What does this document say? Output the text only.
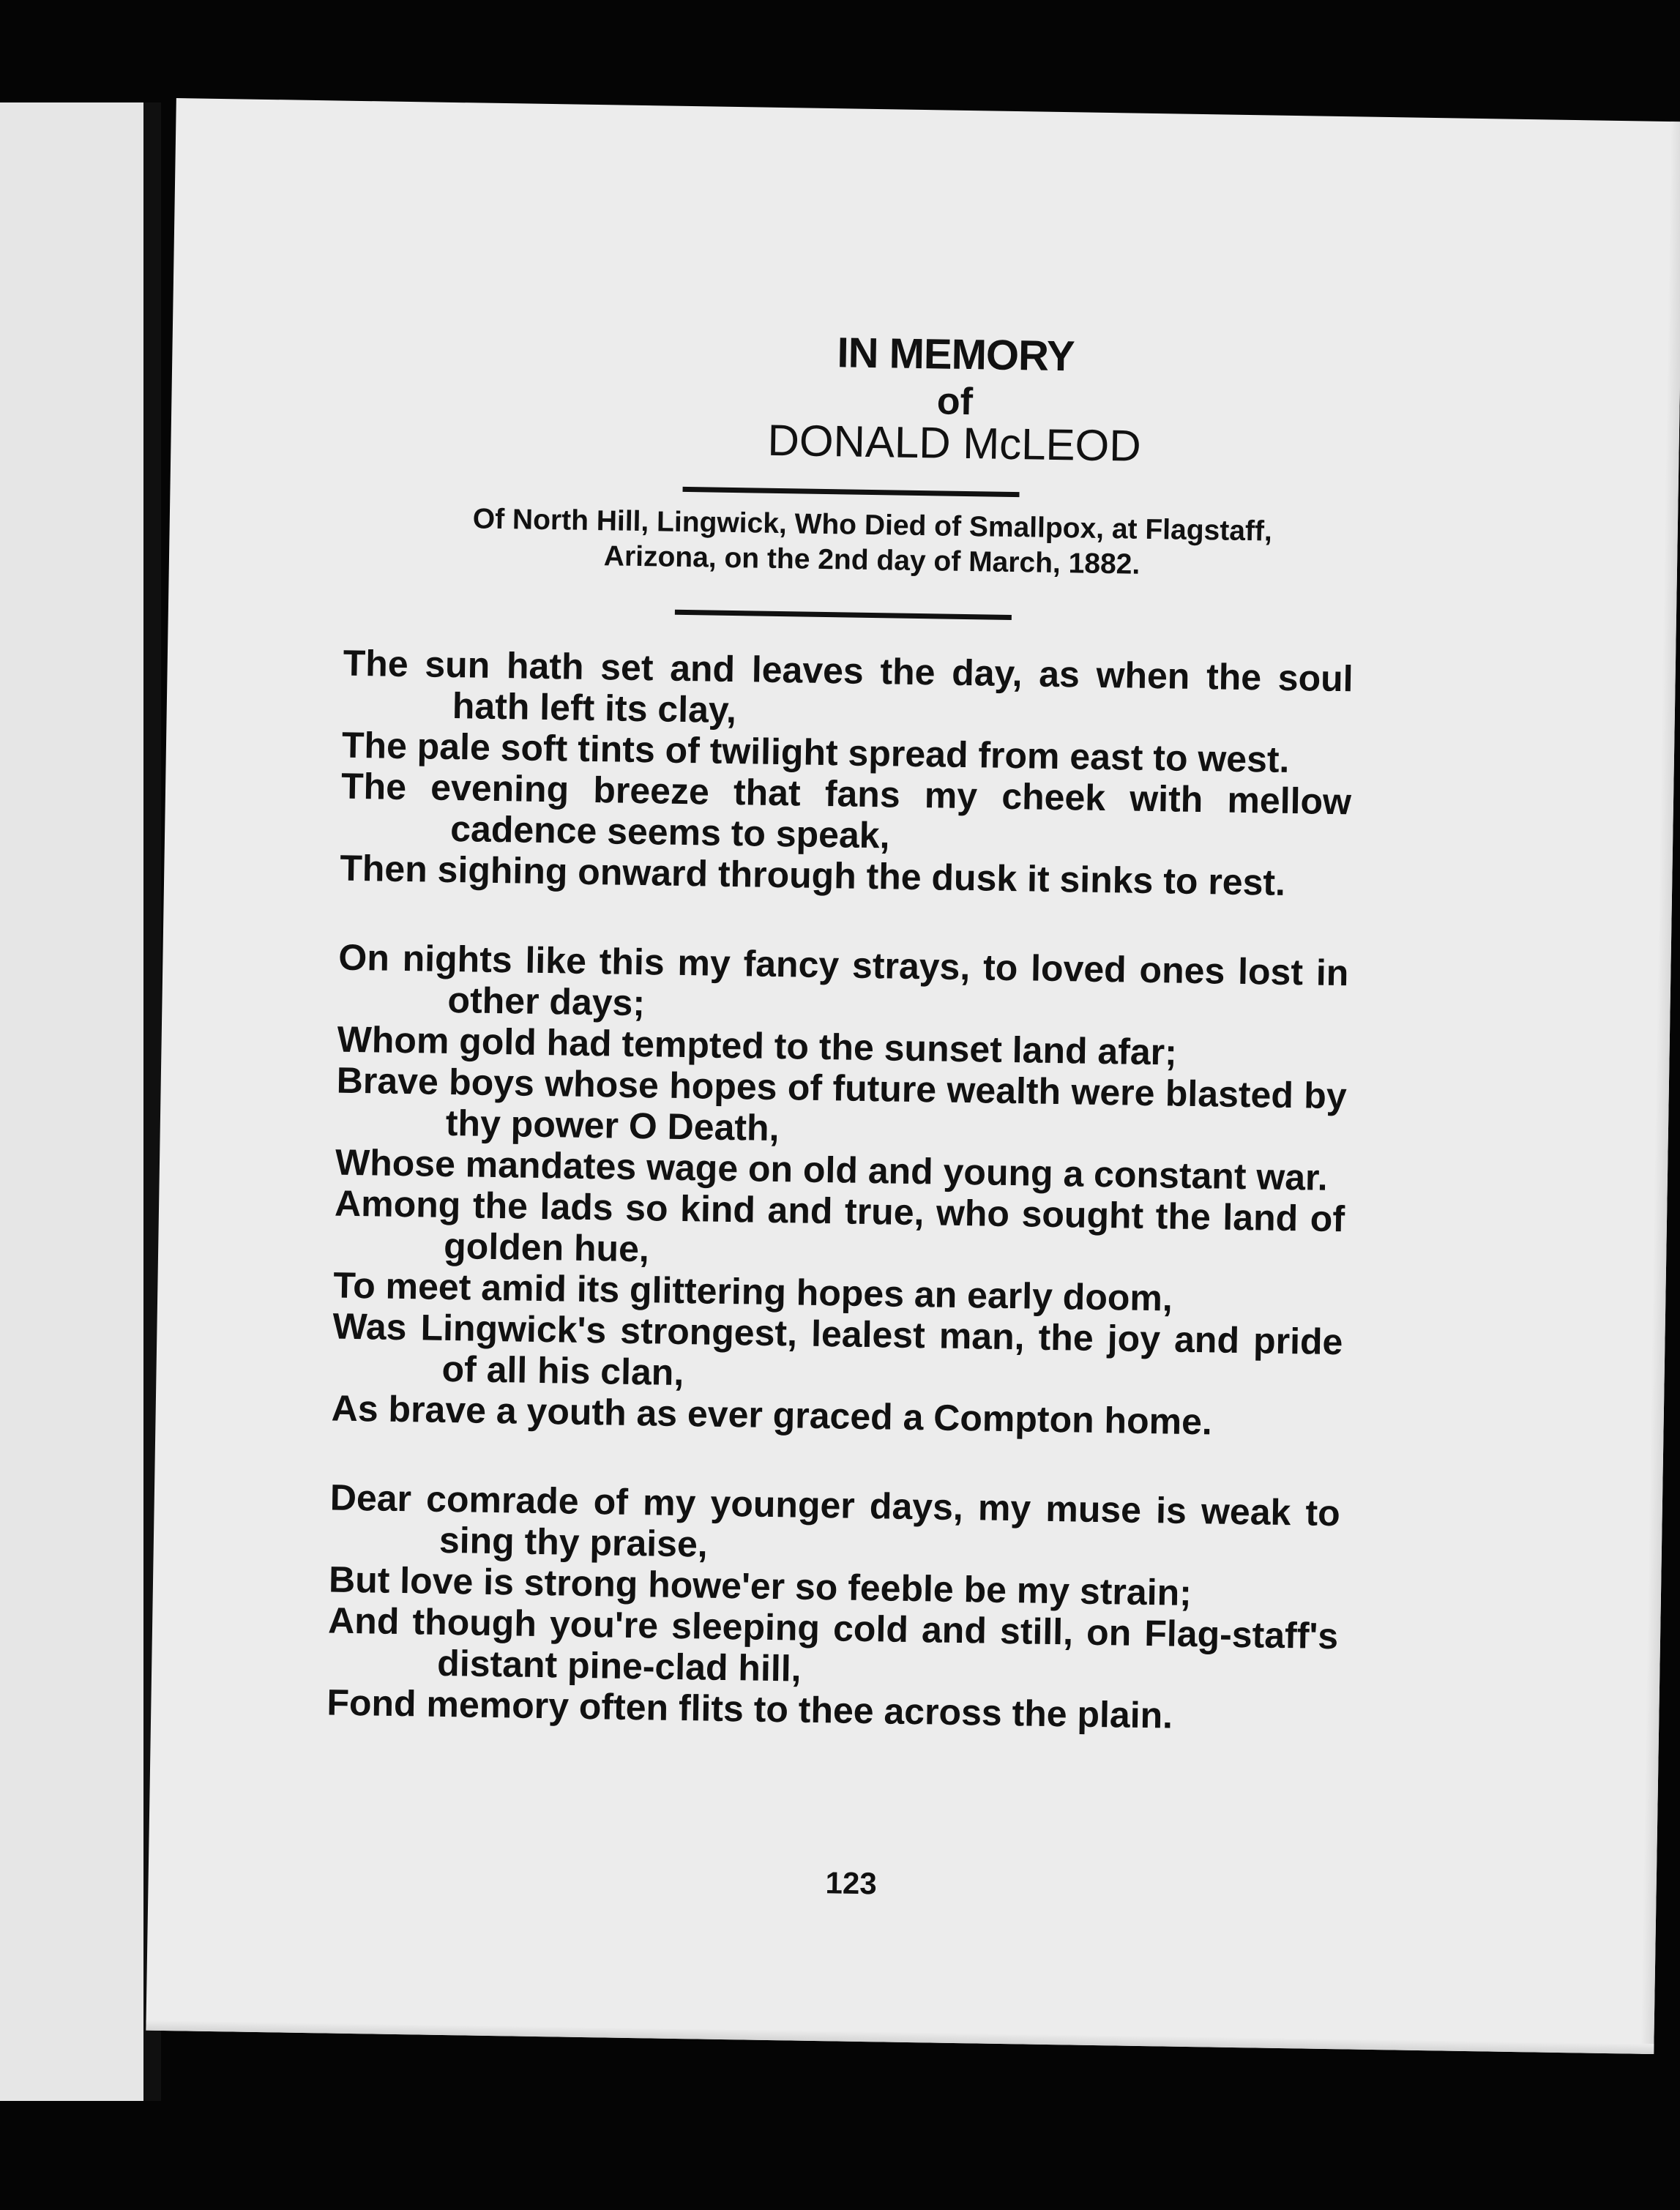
IN MEMORY
of
DONALD McLEOD
Of North Hill, Lingwick, Who Died of Smallpox, at Flagstaff,
Arizona, on the 2nd day of March, 1882.

The sun hath set and leaves the day, as when the soul hath left its clay,

The pale soft tints of twilight spread from east to west.

The evening breeze that fans my cheek with mellow cadence seems to speak,

Then sighing onward through the dusk it sinks to rest.

On nights like this my fancy strays, to loved ones lost in other days;

Whom gold had tempted to the sunset land afar;

Brave boys whose hopes of future wealth were blasted by thy power O Death,

Whose mandates wage on old and young a constant war.

Among the lads so kind and true, who sought the land of golden hue,

To meet amid its glittering hopes an early doom,

Was Lingwick's strongest, lealest man, the joy and pride of all his clan,

As brave a youth as ever graced a Compton home.

Dear comrade of my younger days, my muse is weak to sing thy praise,

But love is strong howe'er so feeble be my strain;

And though you're sleeping cold and still, on Flag-staff's distant pine-clad hill,

Fond memory often flits to thee across the plain.

123
